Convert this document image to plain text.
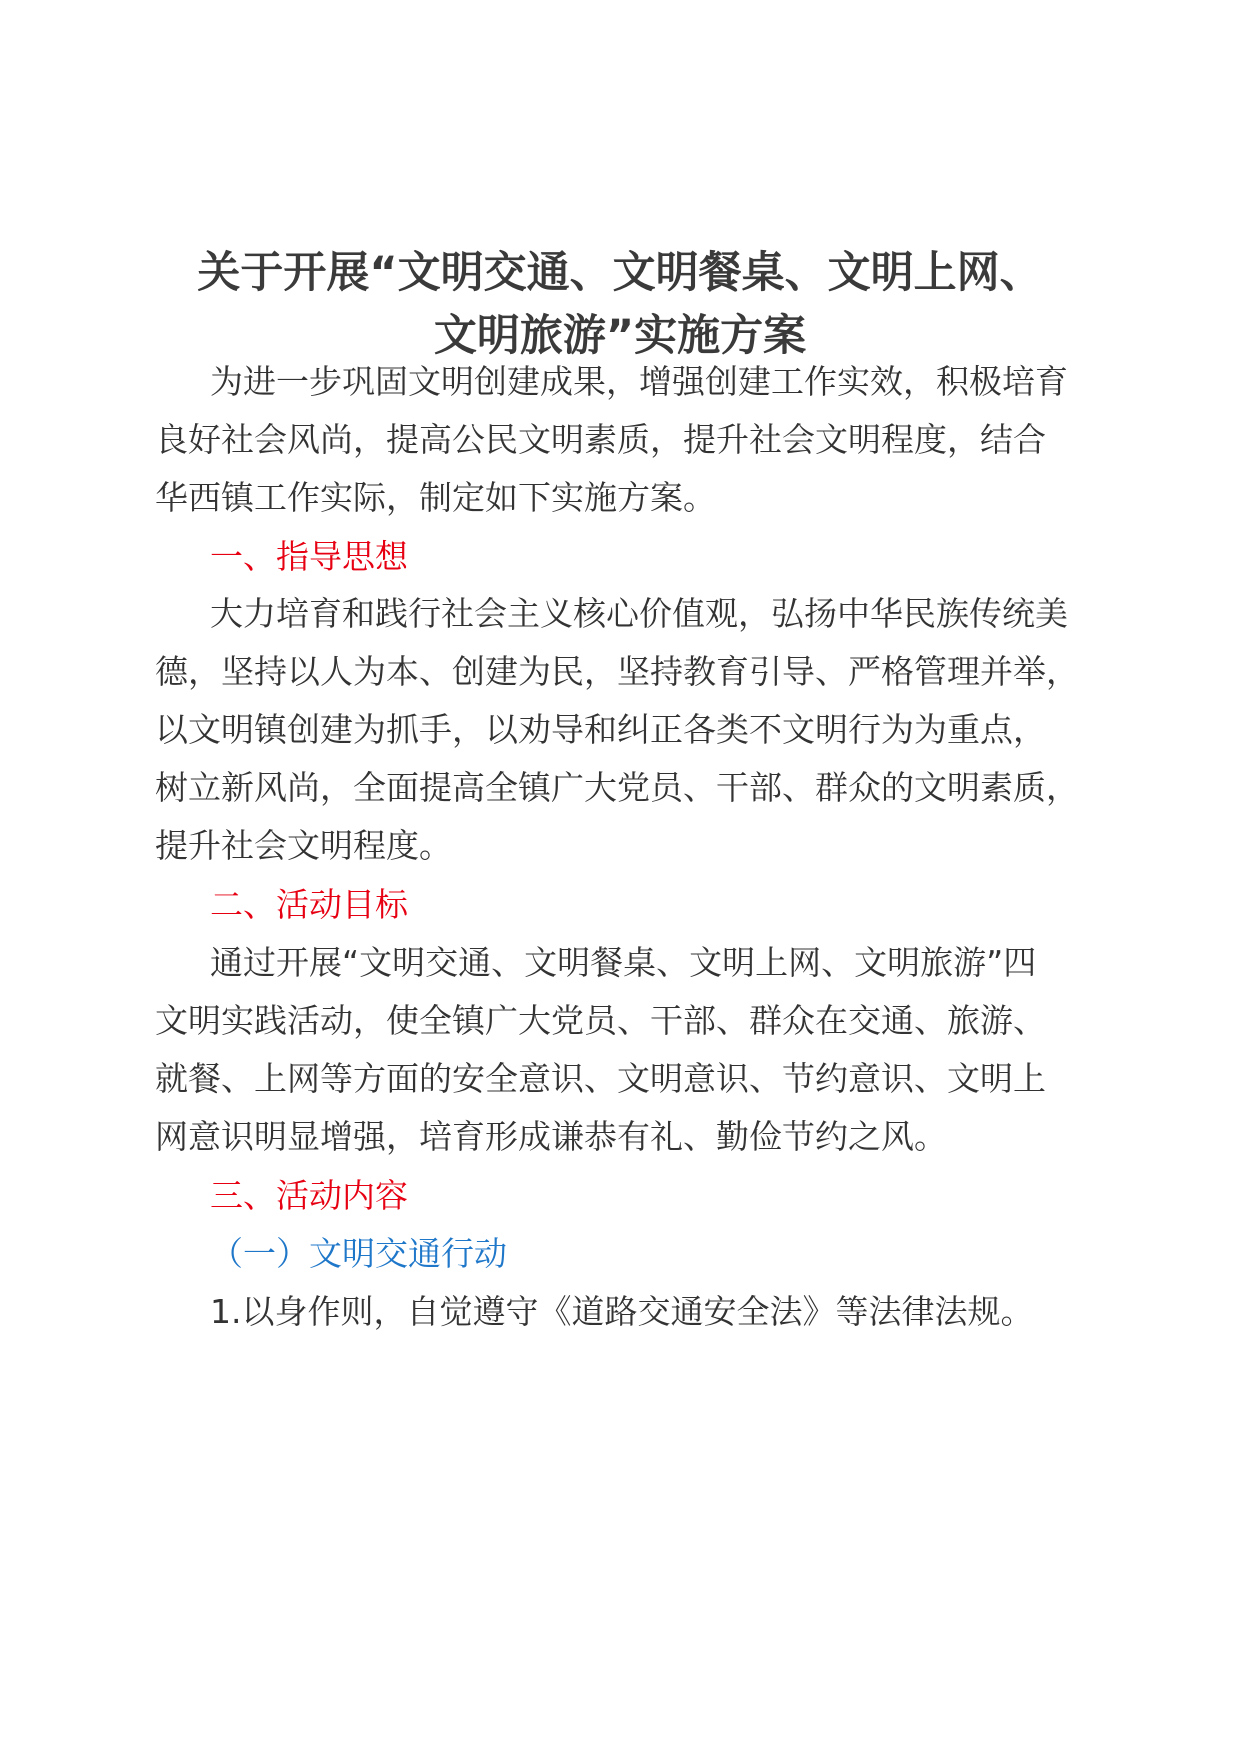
关于开展“文明交通、文明餐桌、文明上网、
文明旅游”实施方案
为进一步巩固文明创建成果，增强创建工作实效，积极培育
良好社会风尚，提高公民文明素质，提升社会文明程度，结合
华西镇工作实际，制定如下实施方案。
一、指导思想
大力培育和践行社会主义核心价值观，弘扬中华民族传统美
德，坚持以人为本、创建为民，坚持教育引导、严格管理并举，
以文明镇创建为抓手，以劝导和纠正各类不文明行为为重点，
树立新风尚，全面提高全镇广大党员、干部、群众的文明素质，
提升社会文明程度。
二、活动目标
通过开展“文明交通、文明餐桌、文明上网、文明旅游”四
文明实践活动，使全镇广大党员、干部、群众在交通、旅游、
就餐、上网等方面的安全意识、文明意识、节约意识、文明上
网意识明显增强，培育形成谦恭有礼、勤俭节约之风。
三、活动内容
（一）文明交通行动
1.以身作则，自觉遵守《道路交通安全法》等法律法规。
